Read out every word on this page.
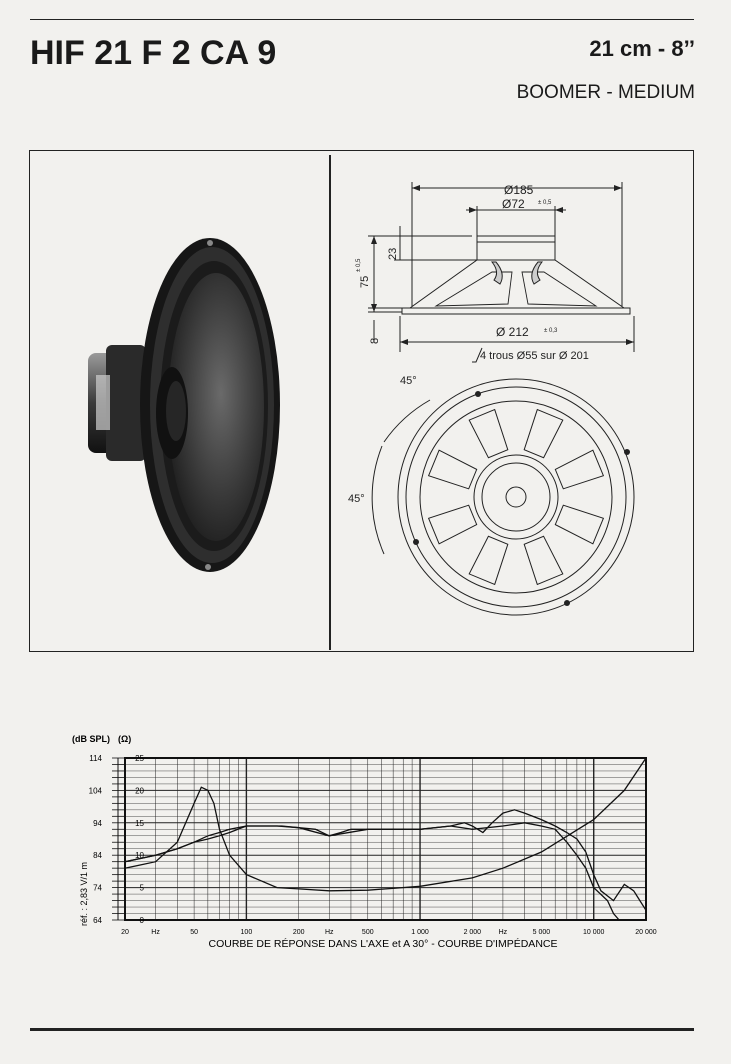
HIF 21 F 2 CA 9	21 cm - 8’’
BOOMER - MEDIUM
Ø185
Ø72 ± 0,5
Ø 212	± 0,3
4 trous Ø55 sur Ø 201
45°
45°
75
± 0,5
23
8
(dB SPL) (Ω)
réf. : 2,83 V/1 m
114
104
94
84
74
64
25
20
15
10
5
0
20	Hz	50	100	200	Hz	500	1 000	2 000	Hz	5 000	10 000	20 000
COURBE DE RÉPONSE DANS L'AXE et A 30° - COURBE D'IMPÉDANCE
